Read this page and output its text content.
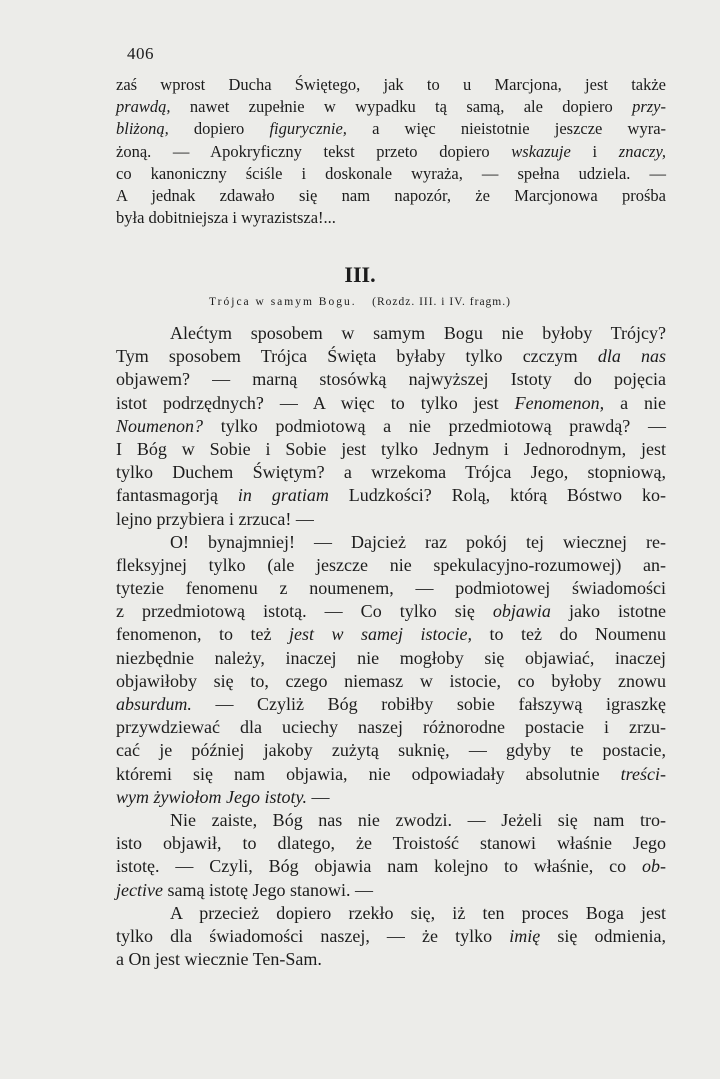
406
zaś wprost Ducha Świętego, jak to u Marcjona, jest także
prawdą, nawet zupełnie w wypadku tą samą, ale dopiero przy-
bliżoną, dopiero figurycznie, a więc nieistotnie jeszcze wyra-
żoną. — Apokryficzny tekst przeto dopiero wskazuje i znaczy,
co kanoniczny ściśle i doskonale wyraża, — spełna udziela. —
A jednak zdawało się nam napozór, że Marcjonowa prośba
była dobitniejsza i wyrazistsza!...
III.
Trójca w samym Bogu. (Rozdz. III. i IV. fragm.)
Alećtym sposobem w samym Bogu nie byłoby Trójcy?
Tym sposobem Trójca Święta byłaby tylko czczym dla nas
objawem? — marną stosówką najwyższej Istoty do pojęcia
istot podrzędnych? — A więc to tylko jest Fenomenon, a nie
Noumenon? tylko podmiotową a nie przedmiotową prawdą? —
I Bóg w Sobie i Sobie jest tylko Jednym i Jednorodnym, jest
tylko Duchem Świętym? a wrzekoma Trójca Jego, stopniową,
fantasmagorją in gratiam Ludzkości? Rolą, którą Bóstwo ko-
lejno przybiera i zrzuca! —
O! bynajmniej! — Dajcież raz pokój tej wiecznej re-
fleksyjnej tylko (ale jeszcze nie spekulacyjno-rozumowej) an-
tytezie fenomenu z noumenem, — podmiotowej świadomości
z przedmiotową istotą. — Co tylko się objawia jako istotne
fenomenon, to też jest w samej istocie, to też do Noumenu
niezbędnie należy, inaczej nie mogłoby się objawiać, inaczej
objawiłoby się to, czego niemasz w istocie, co byłoby znowu
absurdum. — Czyliż Bóg robiłby sobie fałszywą igraszkę
przywdziewać dla uciechy naszej różnorodne postacie i zrzu-
cać je później jakoby zużytą suknię, — gdyby te postacie,
któremi się nam objawia, nie odpowiadały absolutnie treści-
wym żywiołom Jego istoty. —
Nie zaiste, Bóg nas nie zwodzi. — Jeżeli się nam tro-
isto objawił, to dlatego, że Troistość stanowi właśnie Jego
istotę. — Czyli, Bóg objawia nam kolejno to właśnie, co ob-
jective samą istotę Jego stanowi. —
A przecież dopiero rzekło się, iż ten proces Boga jest
tylko dla świadomości naszej, — że tylko imię się odmienia,
a On jest wiecznie Ten-Sam.
